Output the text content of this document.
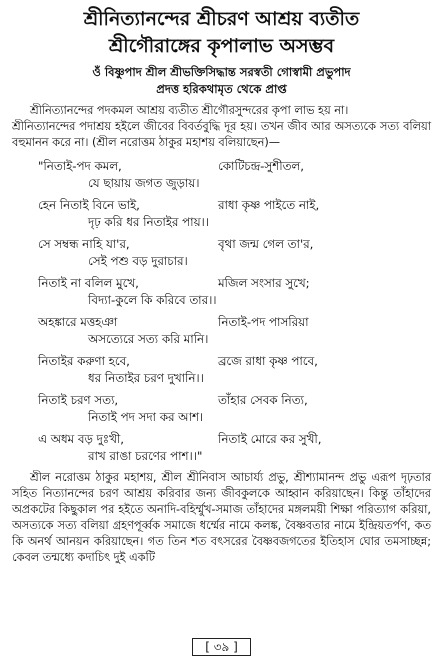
শ্রীনিত্যানন্দের শ্রীচরণ আশ্রয় ব্যতীত
শ্রীগৌরাঙ্গের কৃপালাভ অসম্ভব
ওঁ বিষ্ণুপাদ শ্রীল শ্রীভক্তিসিদ্ধান্ত সরস্বতী গোস্বামী প্রভুপাদ
প্রদত্ত হরিকথামৃত থেকে প্রাপ্ত

শ্রীনিত্যানন্দের পদকমল আশ্রয় ব্যতীত শ্রীগৌরসুন্দরের কৃপা লাভ হয় না।

শ্রীনিত্যানন্দের পদাশ্রয় হইলে জীবের বিবর্তবুদ্ধি দূর হয়। তখন জীব আর অসত্যকে সত্য বলিয়া বহুমানন করে না। (শ্রীল নরোত্তম ঠাকুর মহাশয় বলিয়াছেন)—

"নিতাই-পদ কমল,	কোটিচন্দ্র-সুশীতল,
যে ছায়ায় জগত জুড়ায়।
হেন নিতাই বিনে ভাই,	রাধা কৃষ্ণ পাইতে নাই,
দৃঢ় করি ধর নিতাইর পায়।।
সে সম্বন্ধ নাহি যা'র,	বৃথা জন্ম গেল তা'র,
সেই পশু বড় দুরাচার।
নিতাই না বলিল মুখে,	মজিল সংসার সুখে;
বিদ্যা-কুলে কি করিবে তার।।
অহঙ্কারে মত্তহঞা	নিতাই-পদ পাসরিয়া
অসত্যেরে সত্য করি মানি।
নিতাইর করুণা হবে,	ব্রজে রাধা কৃষ্ণ পাবে,
ধর নিতাইর চরণ দুখানি।।
নিতাই চরণ সত্য,	তাঁহার সেবক নিত্য,
নিতাই পদ সদা কর আশ।
এ অধম বড় দুঃখী,	নিতাই মোরে কর সুখী,
রাখ রাঙা চরণের পাশ।।"

শ্রীল নরোত্তম ঠাকুর মহাশয়, শ্রীল শ্রীনিবাস আচার্য্য প্রভু, শ্রীশ্যামানন্দ প্রভু এরূপ দৃঢ়তার সহিত নিত্যানন্দের চরণ আশ্রয় করিবার জন্য জীবকুলকে আহ্বান করিয়াছেন। কিন্তু তাঁহাদের অপ্রকটের কিছুকাল পর হইতে অনাদি-বহির্ম্মুখ-সমাজ তাঁহাদের মঙ্গলময়ী শিক্ষা পরিত্যাগ করিয়া, অসত্যকে সত্য বলিয়া গ্রহণপূর্ব্বক সমাজে ধর্ম্মের নামে কলঙ্ক, বৈষ্ণবতার নামে ইন্দ্রিয়তর্পণ, কত কি অনর্থ আনয়ন করিয়াছেন। গত তিন শত বৎসরের বৈষ্ণবজগতের ইতিহাস ঘোর তমসাচ্ছন্ন; কেবল তন্মধ্যে কদাচিৎ দুই একটি

[ ৩৯ ]
